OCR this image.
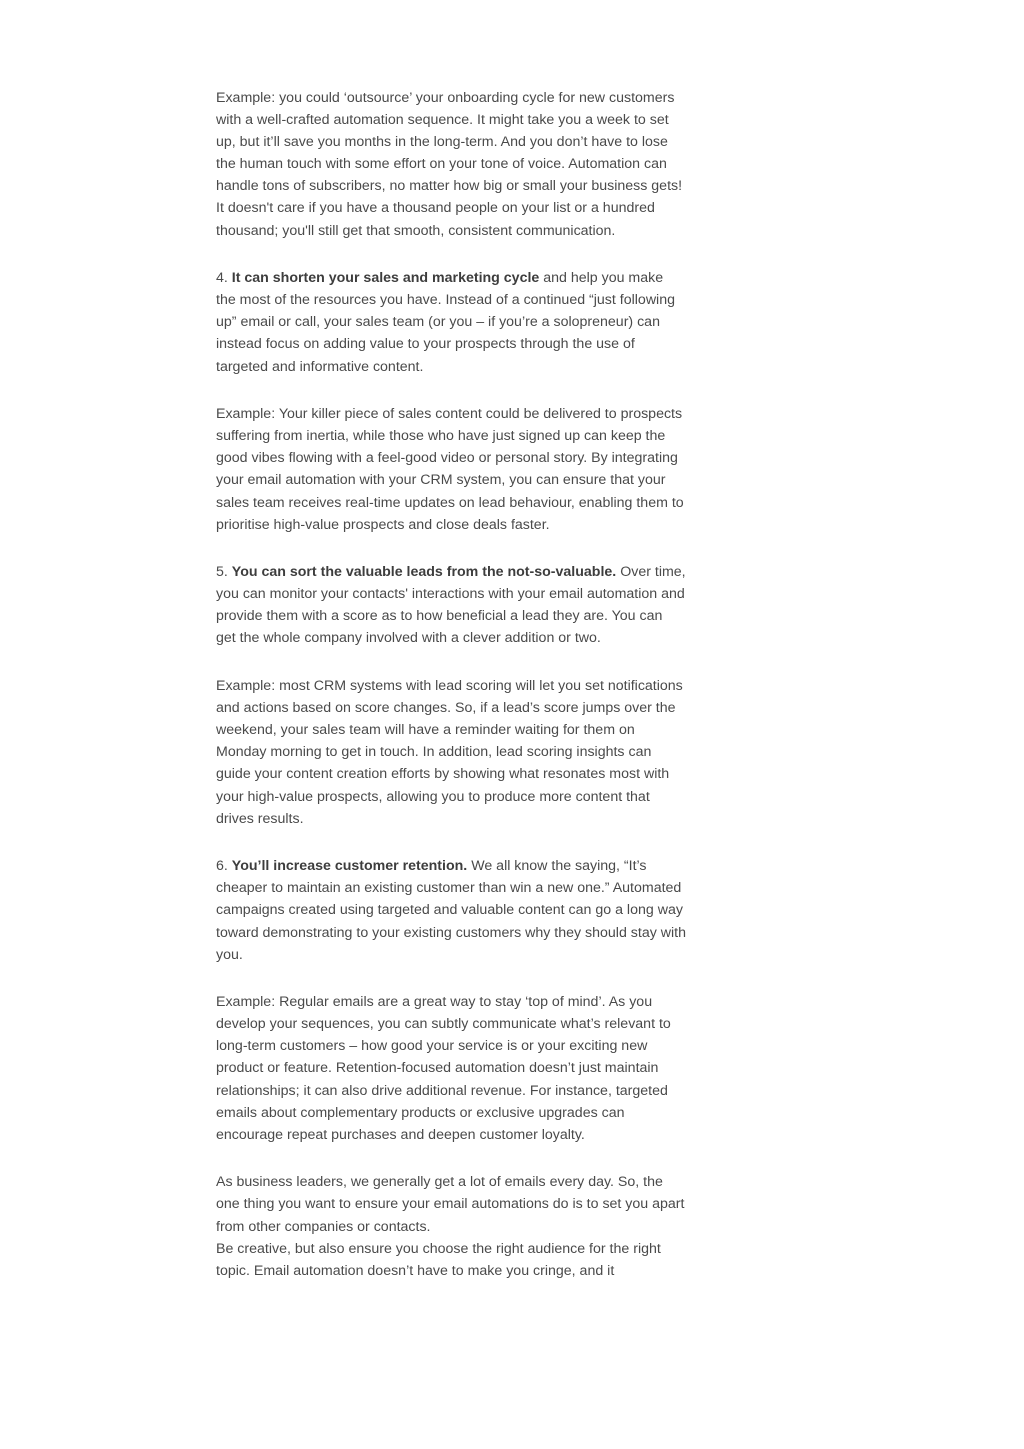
Example: you could ‘outsource’ your onboarding cycle for new customers with a well-crafted automation sequence. It might take you a week to set up, but it’ll save you months in the long-term. And you don’t have to lose the human touch with some effort on your tone of voice. Automation can handle tons of subscribers, no matter how big or small your business gets! It doesn't care if you have a thousand people on your list or a hundred thousand; you'll still get that smooth, consistent communication.

4. It can shorten your sales and marketing cycle and help you make the most of the resources you have. Instead of a continued “just following up” email or call, your sales team (or you – if you’re a solopreneur) can instead focus on adding value to your prospects through the use of targeted and informative content.

Example: Your killer piece of sales content could be delivered to prospects suffering from inertia, while those who have just signed up can keep the good vibes flowing with a feel-good video or personal story. By integrating your email automation with your CRM system, you can ensure that your sales team receives real-time updates on lead behaviour, enabling them to prioritise high-value prospects and close deals faster.

5. You can sort the valuable leads from the not-so-valuable. Over time, you can monitor your contacts' interactions with your email automation and provide them with a score as to how beneficial a lead they are. You can get the whole company involved with a clever addition or two.

Example: most CRM systems with lead scoring will let you set notifications and actions based on score changes. So, if a lead’s score jumps over the weekend, your sales team will have a reminder waiting for them on Monday morning to get in touch. In addition, lead scoring insights can guide your content creation efforts by showing what resonates most with your high-value prospects, allowing you to produce more content that drives results.

6. You’ll increase customer retention. We all know the saying, “It’s cheaper to maintain an existing customer than win a new one.” Automated campaigns created using targeted and valuable content can go a long way toward demonstrating to your existing customers why they should stay with you.

Example: Regular emails are a great way to stay ‘top of mind’. As you develop your sequences, you can subtly communicate what’s relevant to long-term customers – how good your service is or your exciting new product or feature. Retention-focused automation doesn’t just maintain relationships; it can also drive additional revenue. For instance, targeted emails about complementary products or exclusive upgrades can encourage repeat purchases and deepen customer loyalty.

As business leaders, we generally get a lot of emails every day. So, the one thing you want to ensure your email automations do is to set you apart from other companies or contacts.

Be creative, but also ensure you choose the right audience for the right topic. Email automation doesn’t have to make you cringe, and it
